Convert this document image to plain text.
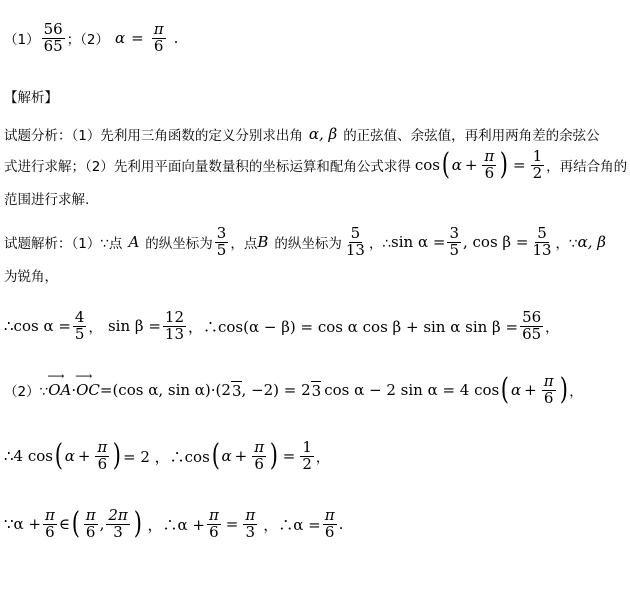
$(1) \frac{56}{65}$ ；（2） $\alpha = \frac{\pi}{6}$ .
【解析】
试题分析：（1）先利用三角函数的定义分别求出角 α, β 的正弦值、余弦值，再利用两角差的余弦公
式进行求解；（2）先利用平面向量数量积的坐标运算和配角公式求得 cos ( $\alpha + \frac{\pi}{6}$ ) = $\frac{1}{2}$ ，再结合角的
范围进行求解.
试题解析：（1）∵点 A 的纵坐标为 $\frac{3}{5}$ ，点 B 的纵坐标为 $\frac{5}{13}$ ，∴ $\sin \alpha = \frac{3}{5}$ , $\cos \beta = \frac{5}{13}$ ，∵ α, β
为锐角，
∴cos $\alpha = \frac{4}{5}$ ， $\sin \beta = \frac{12}{13}$ ，∴cos(α − β) = cos α cos β + sin α $\sin \beta = \frac{56}{65}$ ，
（2）∵ ⟶ OA · ⟶ OC =(cos α, sin α)·(2 3 , −2) = 2 3 cos α − 2 sin α = 4 cos ( $\alpha + \frac{\pi}{6}$ ) ，
∴4 cos ( $\alpha + \frac{\pi}{6}$ ) = 2 ，∴cos ( $\alpha + \frac{\pi}{6}$ ) = $\frac{1}{2}$ ，
∵α + $\frac{\pi}{6}$ ∈ ( $\frac{\pi}{6}$ , $\frac{2\pi}{3}$ ) ，∴α + $\frac{\pi}{6} = \frac{\pi}{3}$ ，∴α = $\frac{\pi}{6}$ .
